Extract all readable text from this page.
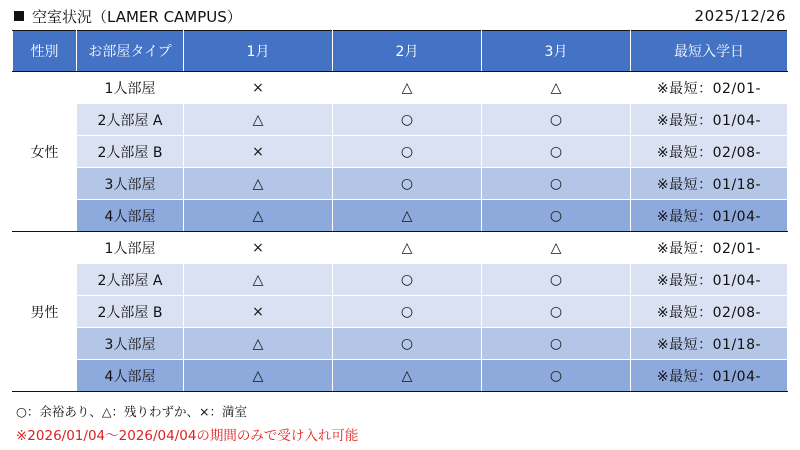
空室状況（LAMER CAMPUS）	2025/12/26
性別	お部屋タイプ	1月	2月	3月	最短入学日
女性	1人部屋	×	△	△	※最短：02/01-
	2人部屋 A	△	○	○	※最短：01/04-
	2人部屋 B	×	○	○	※最短：02/08-
	3人部屋	△	○	○	※最短：01/18-
	4人部屋	△	△	○	※最短：01/04-
男性	1人部屋	×	△	△	※最短：02/01-
	2人部屋 A	△	○	○	※最短：01/04-
	2人部屋 B	×	○	○	※最短：02/08-
	3人部屋	△	○	○	※最短：01/18-
	4人部屋	△	△	○	※最短：01/04-
○：余裕あり、△：残りわずか、×：満室
※2026/01/04～2026/04/04の期間のみで受け入れ可能
